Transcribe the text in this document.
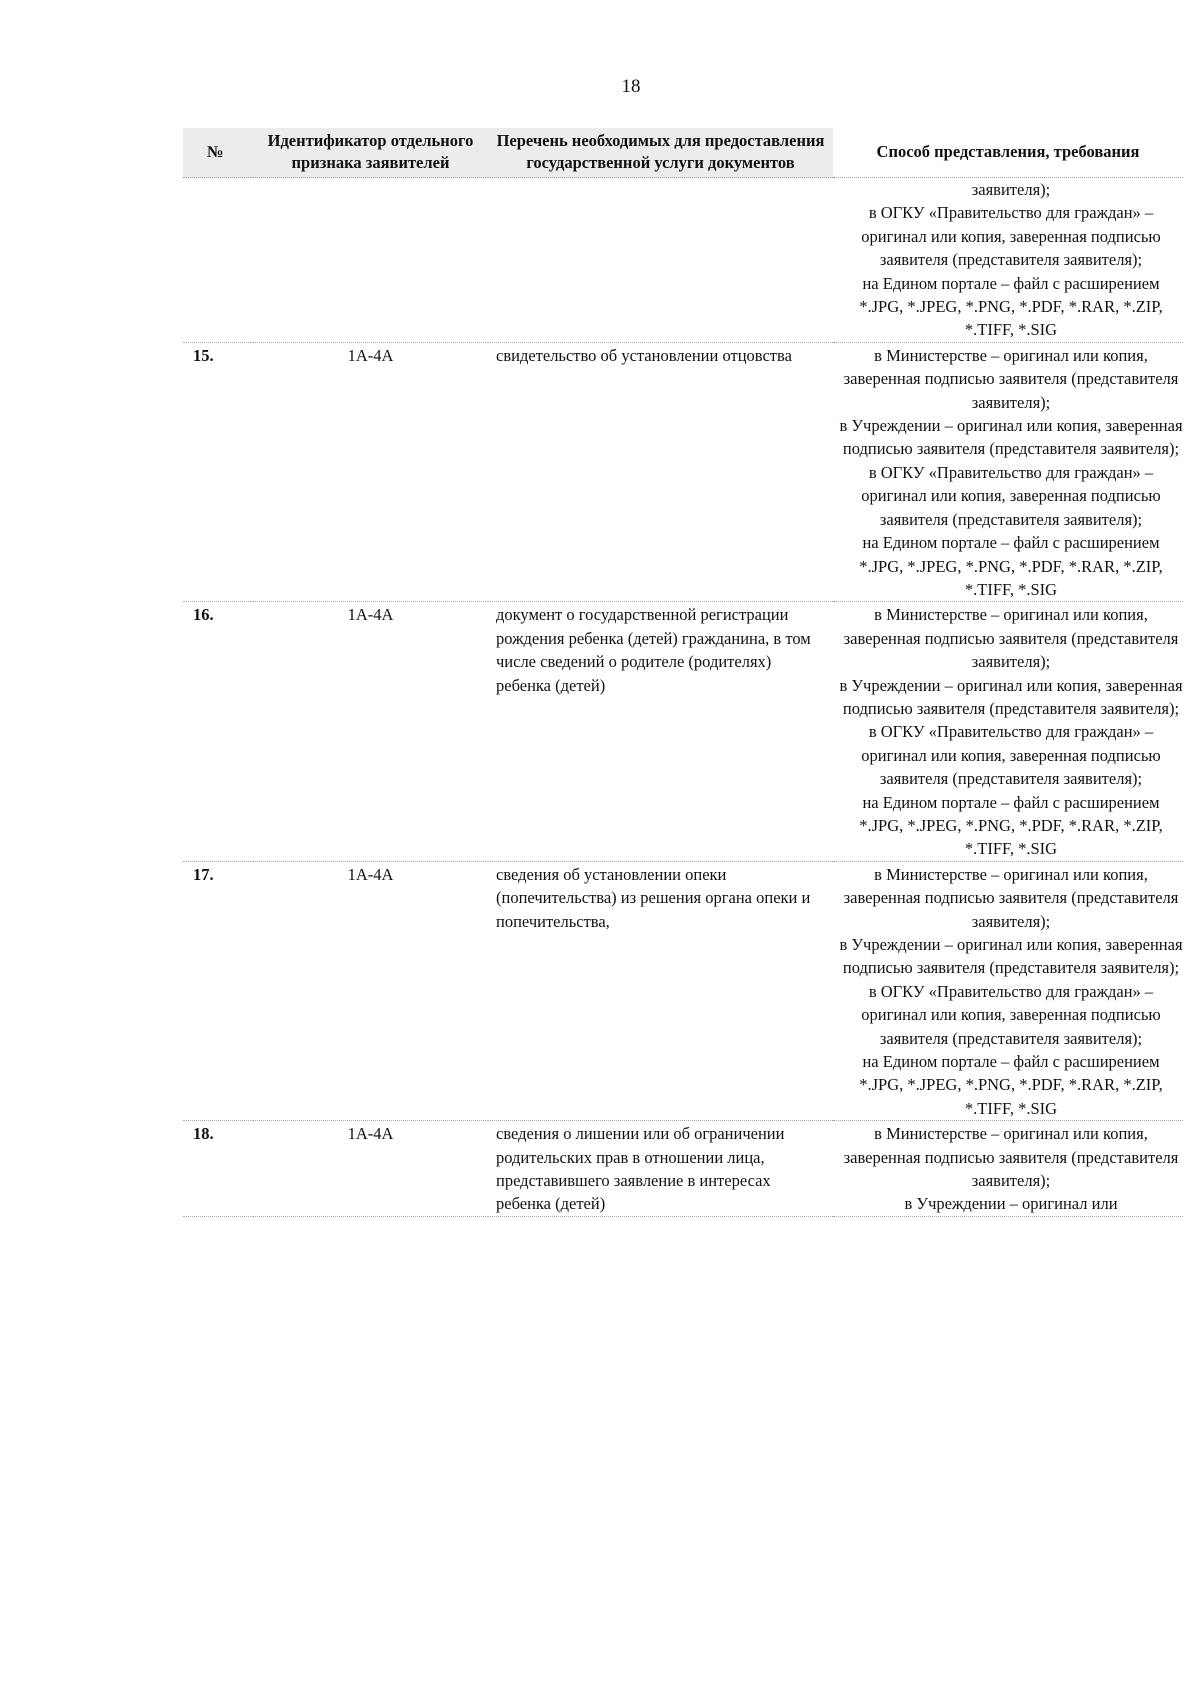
18
№	Идентификатор отдельного признака заявителей	Перечень необходимых для предоставления государственной услуги документов	Способ представления, требования
			заявителя);
в ОГКУ «Правительство для граждан» – оригинал или копия, заверенная подписью заявителя (представителя заявителя);
на Едином портале – файл с расширением *.JPG, *.JPEG, *.PNG, *.PDF, *.RAR, *.ZIP, *.TIFF, *.SIG
15.	1А-4А	свидетельство об установлении отцовства	в Министерстве – оригинал или копия, заверенная подписью заявителя (представителя заявителя);
в Учреждении – оригинал или копия, заверенная подписью заявителя (представителя заявителя);
в ОГКУ «Правительство для граждан» – оригинал или копия, заверенная подписью заявителя (представителя заявителя);
на Едином портале – файл с расширением *.JPG, *.JPEG, *.PNG, *.PDF, *.RAR, *.ZIP, *.TIFF, *.SIG
16.	1А-4А	документ о государственной регистрации рождения ребенка (детей) гражданина, в том числе сведений о родителе (родителях) ребенка (детей)	в Министерстве – оригинал или копия, заверенная подписью заявителя (представителя заявителя);
в Учреждении – оригинал или копия, заверенная подписью заявителя (представителя заявителя);
в ОГКУ «Правительство для граждан» – оригинал или копия, заверенная подписью заявителя (представителя заявителя);
на Едином портале – файл с расширением *.JPG, *.JPEG, *.PNG, *.PDF, *.RAR, *.ZIP, *.TIFF, *.SIG
17.	1А-4А	сведения об установлении опеки (попечительства) из решения органа опеки и попечительства,	в Министерстве – оригинал или копия, заверенная подписью заявителя (представителя заявителя);
в Учреждении – оригинал или копия, заверенная подписью заявителя (представителя заявителя);
в ОГКУ «Правительство для граждан» – оригинал или копия, заверенная подписью заявителя (представителя заявителя);
на Едином портале – файл с расширением *.JPG, *.JPEG, *.PNG, *.PDF, *.RAR, *.ZIP, *.TIFF, *.SIG
18.	1А-4А	сведения о лишении или об ограничении родительских прав в отношении лица, представившего заявление в интересах ребенка (детей)	в Министерстве – оригинал или копия, заверенная подписью заявителя (представителя заявителя);
в Учреждении – оригинал или
